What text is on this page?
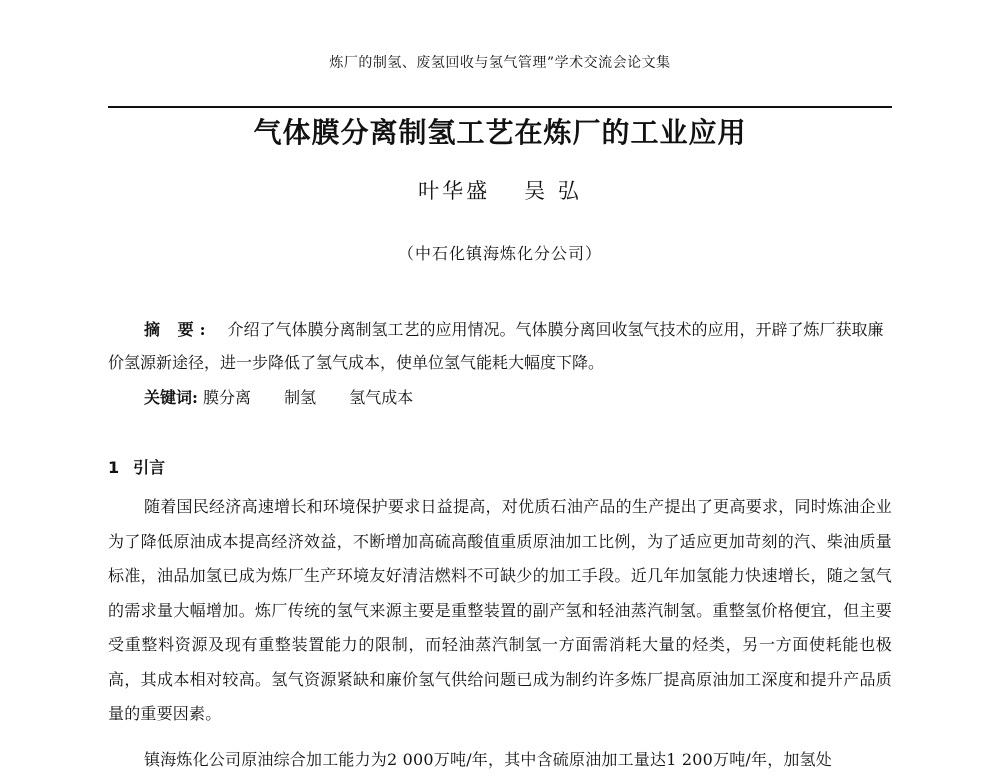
炼厂的制氢、废氢回收与氢气管理”学术交流会论文集
气体膜分离制氢工艺在炼厂的工业应用
叶华盛 吴 弘
（中石化镇海炼化分公司）
摘 要: 介绍了气体膜分离制氢工艺的应用情况。气体膜分离回收氢气技术的应用，开辟了炼厂获取廉价氢源新途径，进一步降低了氢气成本，使单位氢气能耗大幅度下降。
关键词: 膜分离 制氢 氢气成本
1 引言
随着国民经济高速增长和环境保护要求日益提高，对优质石油产品的生产提出了更高要求，同时炼油企业为了降低原油成本提高经济效益，不断增加高硫高酸值重质原油加工比例，为了适应更加苛刻的汽、柴油质量标准，油品加氢已成为炼厂生产环境友好清洁燃料不可缺少的加工手段。近几年加氢能力快速增长，随之氢气的需求量大幅增加。炼厂传统的氢气来源主要是重整装置的副产氢和轻油蒸汽制氢。重整氢价格便宜，但主要受重整料资源及现有重整装置能力的限制，而轻油蒸汽制氢一方面需消耗大量的烃类，另一方面使耗能也极高，其成本相对较高。氢气资源紧缺和廉价氢气供给问题已成为制约许多炼厂提高原油加工深度和提升产品质量的重要因素。
镇海炼化公司原油综合加工能力为2 000万吨/年，其中含硫原油加工量达1 200万吨/年，加氢处
